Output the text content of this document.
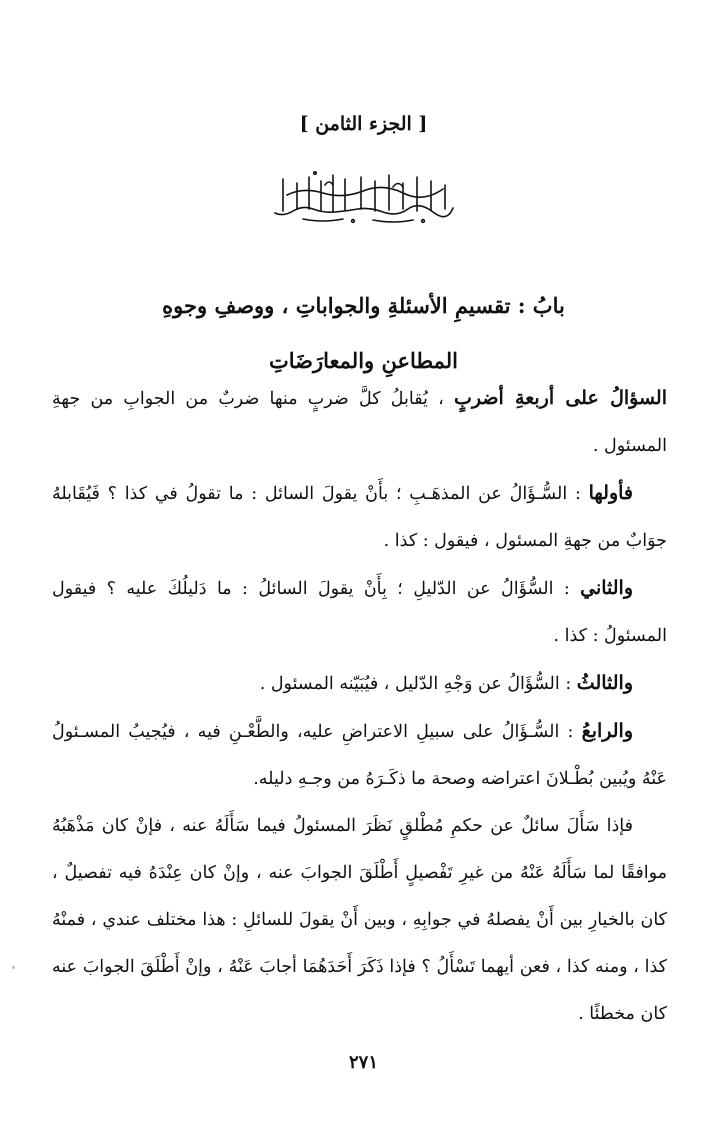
[ الجزء الثامن ]
بابُ : تقسيمِ الأسئلةِ والجواباتِ ، ووصفِ وجوهِ
المطاعنِ والمعارَضَاتِ

السؤالُ على أربعةِ أضربٍ ، يُقابلُ كلَّ ضربٍ منها ضربٌ من الجوابِ من جهةِ المسئول .

فأولها : السُّـؤَالُ عن المذهَـبِ ؛ بأَنْ يقولَ السائل : ما تقولُ في كذا ؟ فَيُقَابلهُ جوَابٌ من جهةِ المسئول ، فيقول : كذا .

والثاني : السُّؤَالُ عن الدّليلِ ؛ بِأَنْ يقولَ السائلُ : ما دَليلُكَ عليه ؟ فيقول المسئولُ : كذا .

والثالثُ : السُّؤَالُ عن وَجْهِ الدّليل ، فيُبَيّنه المسئول .

والرابعُ : السُّـؤَالُ على سبيلِ الاعتراضِ عليه، والطَّعْـنِ فيه ، فيُجيبُ المسـئولُ عَنْهُ ويُبين بُطْـلانَ اعتراضه وصحة ما ذكَـرَهُ من وجـهِ دليله.

فإذا سَأَلَ سائلٌ عن حكمِ مُطْلقٍ نَظَرَ المسئولُ فيما سَأَلَهُ عنه ، فإنْ كان مَذْهَبُهُ موافقًا لما سَأَلَهُ عَنْهُ من غيرِ تَفْصيلٍ أَطْلَقَ الجوابَ عنه ، وإنْ كان عِنْدَهُ فيه تفصيلٌ ، كان بالخيارِ بين أَنْ يفصلهُ في جوابِهِ ، وبين أَنْ يقولَ للسائلِ : هذا مختلف عندي ، فمنْهُ كذا ، ومنه كذا ، فعن أيهما تَسْأَلُ ؟ فإذا ذَكَرَ أَحَدَهُمَا أجابَ عَنْهُ ، وإنْ أَطْلَقَ الجوابَ عنه كان مخطئًا .

٢٧١
